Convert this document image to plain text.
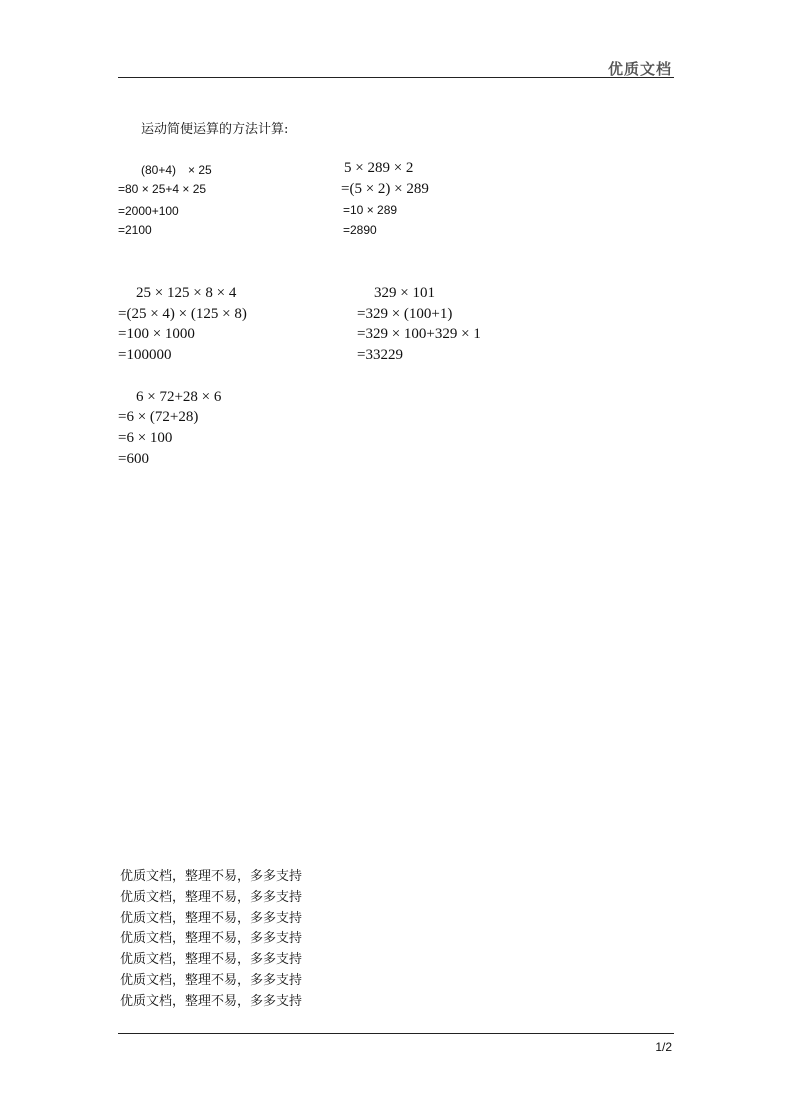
优质文档
运动简便运算的方法计算:
(80+4)　× 25
=80 × 25+4 × 25
=2000+100
=2100
5 × 289 × 2
=(5 × 2) × 289
=10 × 289
=2890
25 × 125 × 8 × 4
=(25 × 4) × (125 × 8)
=100 × 1000
=100000
329 × 101
=329 × (100+1)
=329 × 100+329 × 1
=33229
6 × 72+28 × 6
=6 × (72+28)
=6 × 100
=600
优质文档，整理不易，多多支持
优质文档，整理不易，多多支持
优质文档，整理不易，多多支持
优质文档，整理不易，多多支持
优质文档，整理不易，多多支持
优质文档，整理不易，多多支持
优质文档，整理不易，多多支持
1/2
